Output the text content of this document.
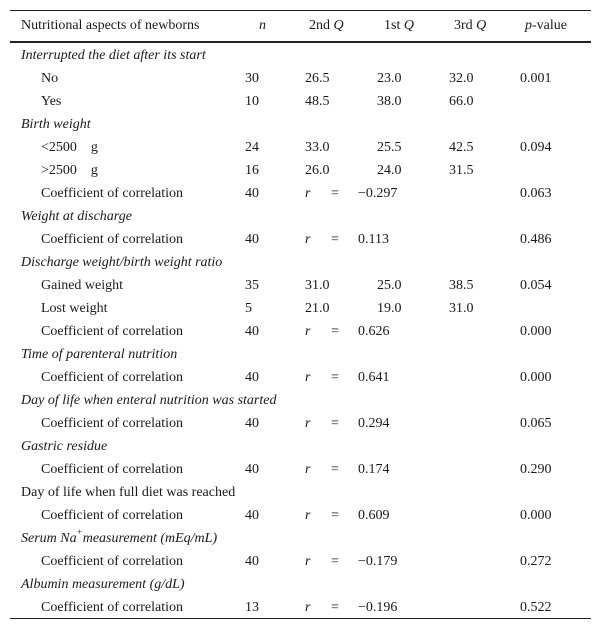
Nutritional aspects of newborns	n	2nd Q	1st Q	3rd Q	p-value
Interrupted the diet after its start
No	30	26.5	23.0	32.0	0.001
Yes	10	48.5	38.0	66.0
Birth weight
<2500 g	24	33.0	25.5	42.5	0.094
>2500 g	16	26.0	24.0	31.5
Coefficient of correlation	40	r = −0.297	0.063
Weight at discharge
Coefficient of correlation	40	r = 0.113	0.486
Discharge weight/birth weight ratio
Gained weight	35	31.0	25.0	38.5	0.054
Lost weight	5	21.0	19.0	31.0
Coefficient of correlation	40	r = 0.626	0.000
Time of parenteral nutrition
Coefficient of correlation	40	r = 0.641	0.000
Day of life when enteral nutrition was started
Coefficient of correlation	40	r = 0.294	0.065
Gastric residue
Coefficient of correlation	40	r = 0.174	0.290
Day of life when full diet was reached
Coefficient of correlation	40	r = 0.609	0.000
Serum Na+measurement (mEq/mL)
Coefficient of correlation	40	r = −0.179	0.272
Albumin measurement (g/dL)
Coefficient of correlation	13	r = −0.196	0.522
